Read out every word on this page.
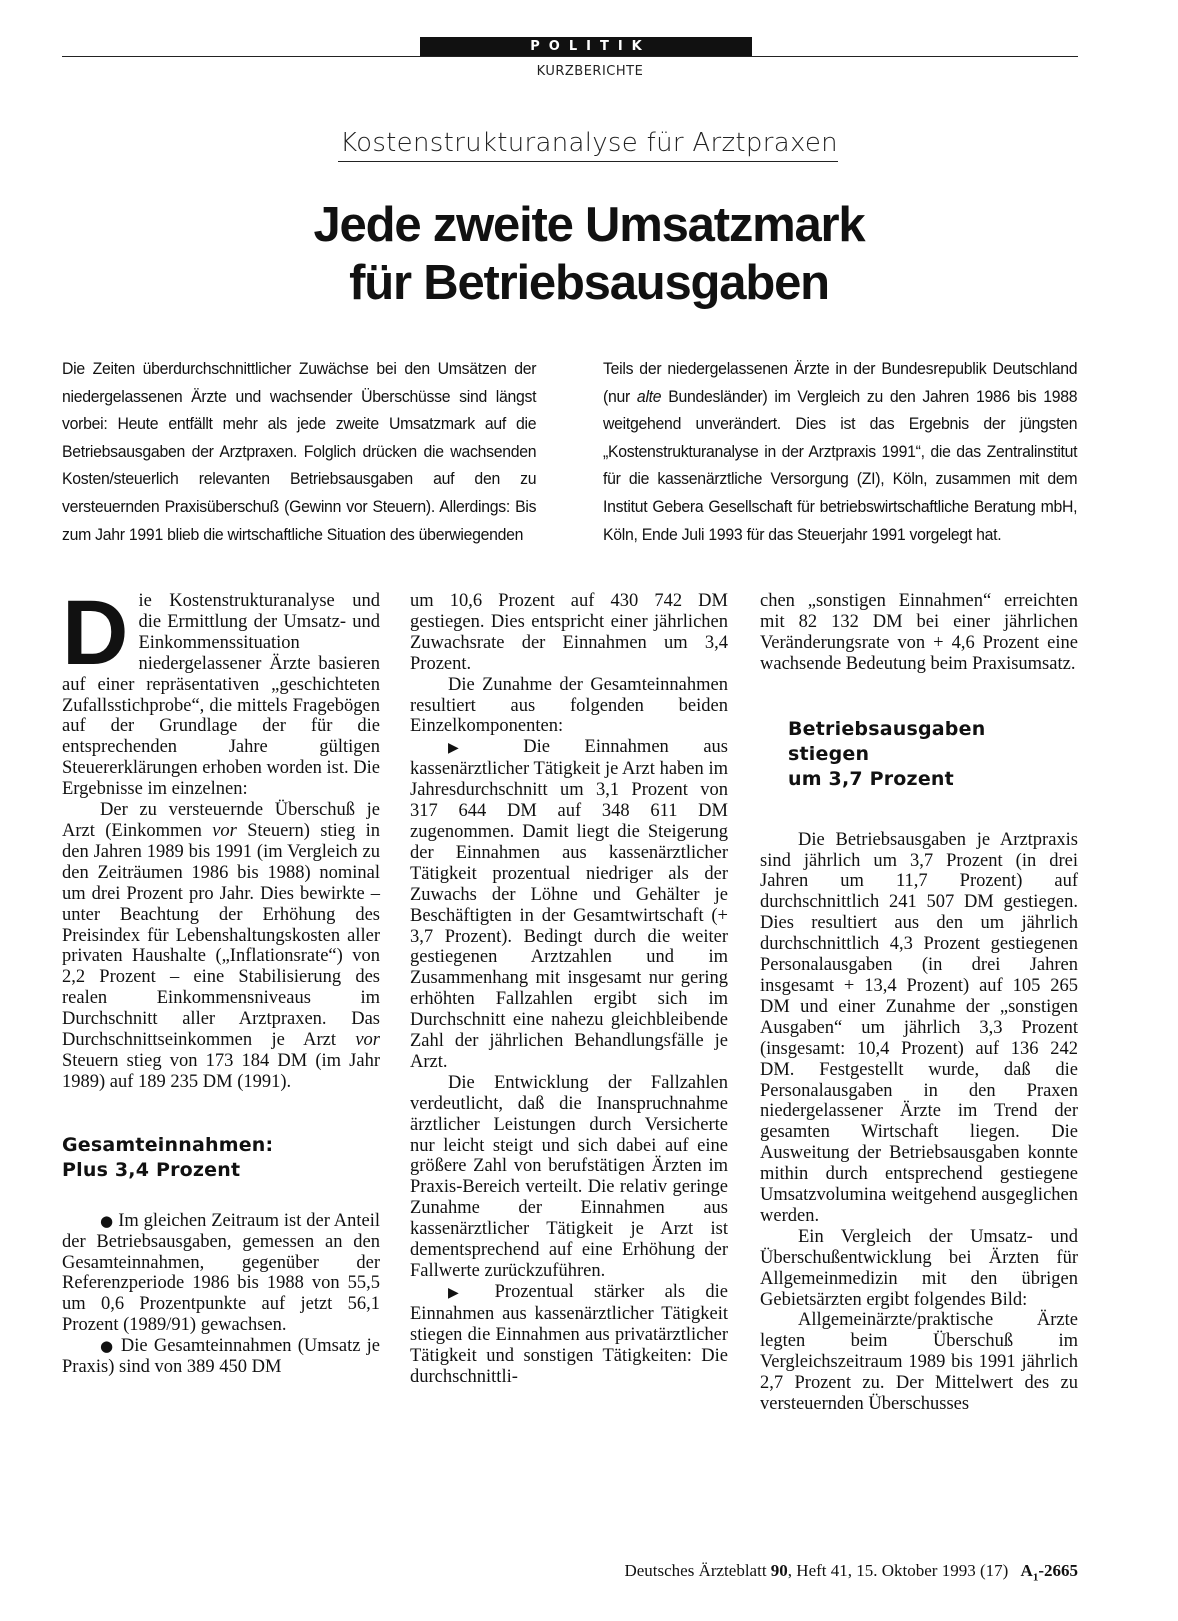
POLITIK
KURZBERICHTE
Kostenstrukturanalyse für Arztpraxen
Jede zweite Umsatzmark
für Betriebsausgaben

Die Zeiten überdurchschnittlicher Zuwächse bei den Umsätzen der niedergelassenen Ärzte und wachsender Überschüsse sind längst vorbei: Heute entfällt mehr als jede zweite Umsatzmark auf die Betriebsausgaben der Arztpraxen. Folglich drücken die wachsenden Kosten/steuerlich relevanten Betriebsausgaben auf den zu versteuernden Praxisüberschuß (Gewinn vor Steuern). Allerdings: Bis zum Jahr 1991 blieb die wirtschaftliche Situation des überwiegenden

Teils der niedergelassenen Ärzte in der Bundesrepublik Deutschland (nur alte Bundesländer) im Vergleich zu den Jahren 1986 bis 1988 weitgehend unverändert. Dies ist das Ergebnis der jüngsten „Kostenstrukturanalyse in der Arztpraxis 1991“, die das Zentralinstitut für die kassenärztliche Versorgung (ZI), Köln, zusammen mit dem Institut Gebera Gesellschaft für betriebswirtschaftliche Beratung mbH, Köln, Ende Juli 1993 für das Steuerjahr 1991 vorgelegt hat.

Die Kostenstrukturanalyse und die Ermittlung der Umsatz- und Einkommenssituation niedergelassener Ärzte basieren auf einer repräsentativen „geschichteten Zufallsstichprobe“, die mittels Fragebögen auf der Grundlage der für die entsprechenden Jahre gültigen Steuererklärungen erhoben worden ist. Die Ergebnisse im einzelnen:

Der zu versteuernde Überschuß je Arzt (Einkommen vor Steuern) stieg in den Jahren 1989 bis 1991 (im Vergleich zu den Zeiträumen 1986 bis 1988) nominal um drei Prozent pro Jahr. Dies bewirkte – unter Beachtung der Erhöhung des Preisindex für Lebenshaltungskosten aller privaten Haushalte („Inflationsrate“) von 2,2 Prozent – eine Stabilisierung des realen Einkommensniveaus im Durchschnitt aller Arztpraxen. Das Durchschnittseinkommen je Arzt vor Steuern stieg von 173 184 DM (im Jahr 1989) auf 189 235 DM (1991).

Gesamteinnahmen:
Plus 3,4 Prozent

● Im gleichen Zeitraum ist der Anteil der Betriebsausgaben, gemessen an den Gesamteinnahmen, gegenüber der Referenzperiode 1986 bis 1988 von 55,5 um 0,6 Prozentpunkte auf jetzt 56,1 Prozent (1989/91) gewachsen.

● Die Gesamteinnahmen (Umsatz je Praxis) sind von 389 450 DM

um 10,6 Prozent auf 430 742 DM gestiegen. Dies entspricht einer jährlichen Zuwachsrate der Einnahmen um 3,4 Prozent.

Die Zunahme der Gesamteinnahmen resultiert aus folgenden beiden Einzelkomponenten:

▶ Die Einnahmen aus kassenärztlicher Tätigkeit je Arzt haben im Jahresdurchschnitt um 3,1 Prozent von 317 644 DM auf 348 611 DM zugenommen. Damit liegt die Steigerung der Einnahmen aus kassenärztlicher Tätigkeit prozentual niedriger als der Zuwachs der Löhne und Gehälter je Beschäftigten in der Gesamtwirtschaft (+ 3,7 Prozent). Bedingt durch die weiter gestiegenen Arztzahlen und im Zusammenhang mit insgesamt nur gering erhöhten Fallzahlen ergibt sich im Durchschnitt eine nahezu gleichbleibende Zahl der jährlichen Behandlungsfälle je Arzt.

Die Entwicklung der Fallzahlen verdeutlicht, daß die Inanspruchnahme ärztlicher Leistungen durch Versicherte nur leicht steigt und sich dabei auf eine größere Zahl von berufstätigen Ärzten im Praxis-Bereich verteilt. Die relativ geringe Zunahme der Einnahmen aus kassenärztlicher Tätigkeit je Arzt ist dementsprechend auf eine Erhöhung der Fallwerte zurückzuführen.

▶ Prozentual stärker als die Einnahmen aus kassenärztlicher Tätigkeit stiegen die Einnahmen aus privatärztlicher Tätigkeit und sonstigen Tätigkeiten: Die durchschnittli-

chen „sonstigen Einnahmen“ erreichten mit 82 132 DM bei einer jährlichen Veränderungsrate von + 4,6 Prozent eine wachsende Bedeutung beim Praxisumsatz.

Betriebsausgaben
stiegen
um 3,7 Prozent

Die Betriebsausgaben je Arztpraxis sind jährlich um 3,7 Prozent (in drei Jahren um 11,7 Prozent) auf durchschnittlich 241 507 DM gestiegen. Dies resultiert aus den um jährlich durchschnittlich 4,3 Prozent gestiegenen Personalausgaben (in drei Jahren insgesamt + 13,4 Prozent) auf 105 265 DM und einer Zunahme der „sonstigen Ausgaben“ um jährlich 3,3 Prozent (insgesamt: 10,4 Prozent) auf 136 242 DM. Festgestellt wurde, daß die Personalausgaben in den Praxen niedergelassener Ärzte im Trend der gesamten Wirtschaft liegen. Die Ausweitung der Betriebsausgaben konnte mithin durch entsprechend gestiegene Umsatzvolumina weitgehend ausgeglichen werden.

Ein Vergleich der Umsatz- und Überschußentwicklung bei Ärzten für Allgemeinmedizin mit den übrigen Gebietsärzten ergibt folgendes Bild:

Allgemeinärzte/praktische Ärzte legten beim Überschuß im Vergleichszeitraum 1989 bis 1991 jährlich 2,7 Prozent zu. Der Mittelwert des zu versteuernden Überschusses

Deutsches Ärzteblatt 90, Heft 41, 15. Oktober 1993 (17) $A_1-2665$
